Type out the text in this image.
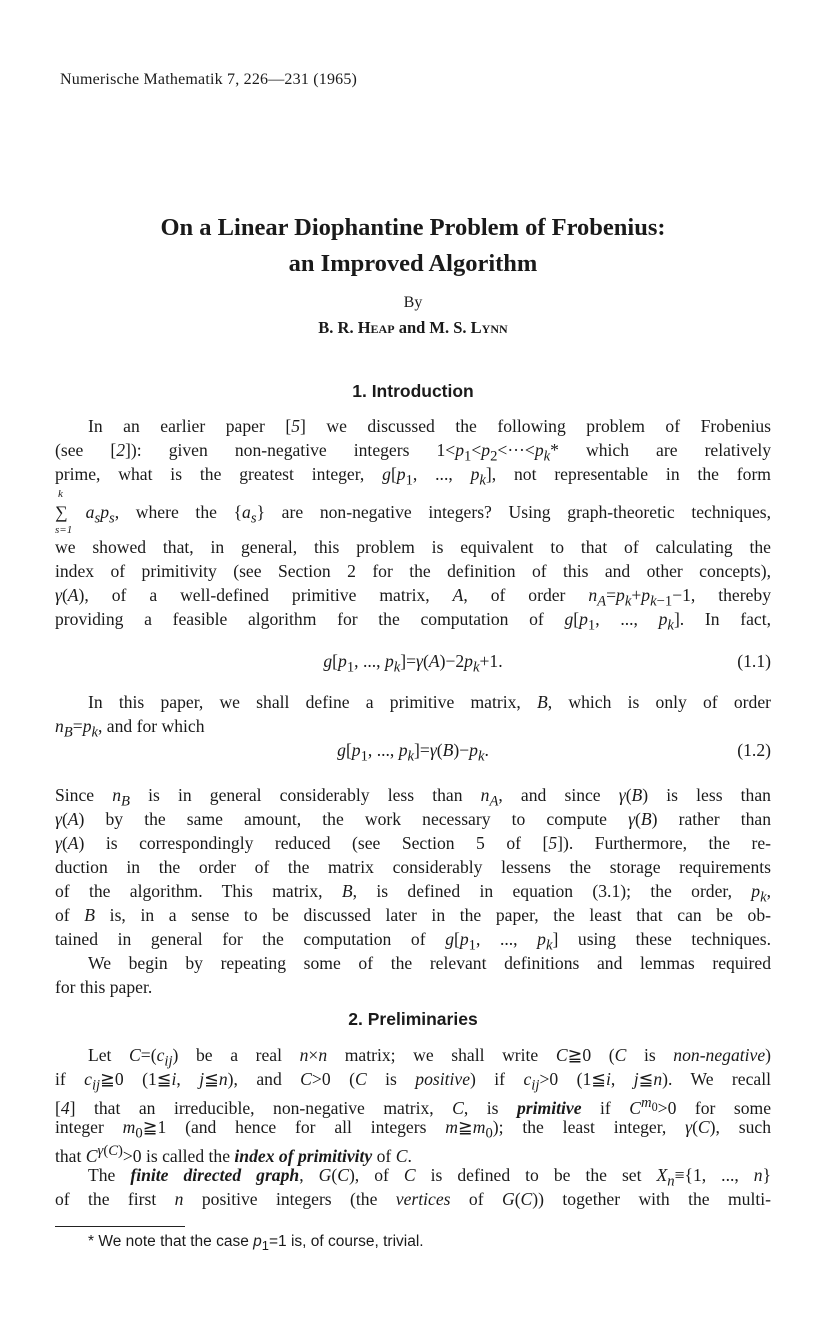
Numerische Mathematik 7, 226—231 (1965)
On a Linear Diophantine Problem of Frobenius:
an Improved Algorithm
By
B. R. Heap and M. S. Lynn
1. Introduction
In an earlier paper [5] we discussed the following problem of Frobenius
(see [2]): given non-negative integers $1<p_1<p_2<\cdot\cdot\cdot<p_k*$ which are relatively
prime, what is the greatest integer, $g[p_1$, ..., $p_k$], not representable in the form
k
∑
s=1
$a_sp_s$, where the $\{a_s\}$ are non-negative integers? Using graph-theoretic techniques,
we showed that, in general, this problem is equivalent to that of calculating the
index of primitivity (see Section 2 for the definition of this and other concepts),
γ(A), of a well-defined primitive matrix, A, of order $n_A=p_k+p_{k-1}-1$, thereby
providing a feasible algorithm for the computation of $g[p_1$, ..., $p_k$]. In fact,
$g[p_1$, ..., $p_k]=\gamma(A)-2p_k+1$.	(1.1)
In this paper, we shall define a primitive matrix, B, which is only of order
$n_B=p_k$, and for which
$g[p_1$, ..., $p_k]=\gamma(B)-p_k$.	(1.2)
Since $n_B$ is in general considerably less than $n_A$, and since γ(B) is less than
γ(A) by the same amount, the work necessary to compute γ(B) rather than
γ(A) is correspondingly reduced (see Section 5 of [5]). Furthermore, the re-
duction in the order of the matrix considerably lessens the storage requirements
of the algorithm. This matrix, B, is defined in equation (3.1); the order, $p_k$,
of B is, in a sense to be discussed later in the paper, the least that can be ob-
tained in general for the computation of $g[p_1$, ..., $p_k$] using these techniques.
We begin by repeating some of the relevant definitions and lemmas required
for this paper.
2. Preliminaries
Let $C=(c_{ij})$ be a real n×n matrix; we shall write C≧0 (C is non-negative)
if $c_{ij}≧0$ (1≦i, j≦n), and C>0 (C is positive) if $c_{ij}>0$ (1≦i, j≦n). We recall
[4] that an irreducible, non-negative matrix, C, is primitive if $C^{m_0}>0$ for some
integer $m_0≧1$ (and hence for all integers $m≧m_0$); the least integer, γ(C), such
that $C^{\gamma(C)}>0$ is called the index of primitivity of C.
The finite directed graph, G(C), of C is defined to be the set $X_n\equiv\{1$, ..., n}
of the first n positive integers (the vertices of G(C)) together with the multi-
* We note that the case $p_1=1$ is, of course, trivial.
